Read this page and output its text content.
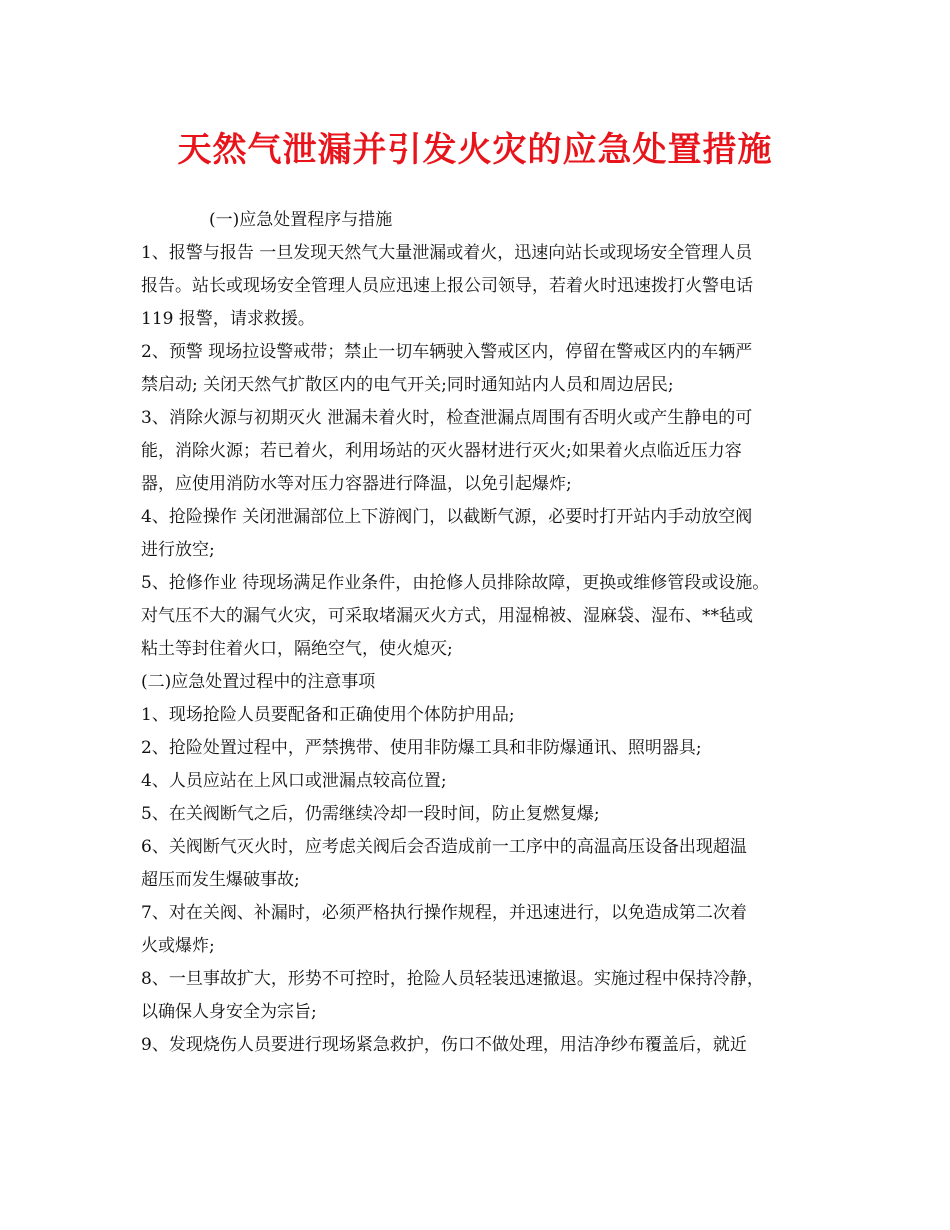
天然气泄漏并引发火灾的应急处置措施

(一)应急处置程序与措施

1、报警与报告 一旦发现天然气大量泄漏或着火，迅速向站长或现场安全管理人员

报告。站长或现场安全管理人员应迅速上报公司领导，若着火时迅速拨打火警电话

119 报警，请求救援。

2、预警 现场拉设警戒带；禁止一切车辆驶入警戒区内，停留在警戒区内的车辆严

禁启动; 关闭天然气扩散区内的电气开关;同时通知站内人员和周边居民;

3、消除火源与初期灭火 泄漏未着火时，检查泄漏点周围有否明火或产生静电的可

能，消除火源；若已着火，利用场站的灭火器材进行灭火;如果着火点临近压力容

器，应使用消防水等对压力容器进行降温，以免引起爆炸;

4、抢险操作 关闭泄漏部位上下游阀门，以截断气源，必要时打开站内手动放空阀

进行放空;

5、抢修作业 待现场满足作业条件，由抢修人员排除故障，更换或维修管段或设施。

对气压不大的漏气火灾，可采取堵漏灭火方式，用湿棉被、湿麻袋、湿布、**毡或

粘土等封住着火口，隔绝空气，使火熄灭;

(二)应急处置过程中的注意事项

1、现场抢险人员要配备和正确使用个体防护用品;

2、抢险处置过程中，严禁携带、使用非防爆工具和非防爆通讯、照明器具;

4、人员应站在上风口或泄漏点较高位置;

5、在关阀断气之后，仍需继续冷却一段时间，防止复燃复爆;

6、关阀断气灭火时，应考虑关阀后会否造成前一工序中的高温高压设备出现超温

超压而发生爆破事故;

7、对在关阀、补漏时，必须严格执行操作规程，并迅速进行，以免造成第二次着

火或爆炸;

8、一旦事故扩大，形势不可控时，抢险人员轻装迅速撤退。实施过程中保持冷静，

以确保人身安全为宗旨;

9、发现烧伤人员要进行现场紧急救护，伤口不做处理，用洁净纱布覆盖后，就近
